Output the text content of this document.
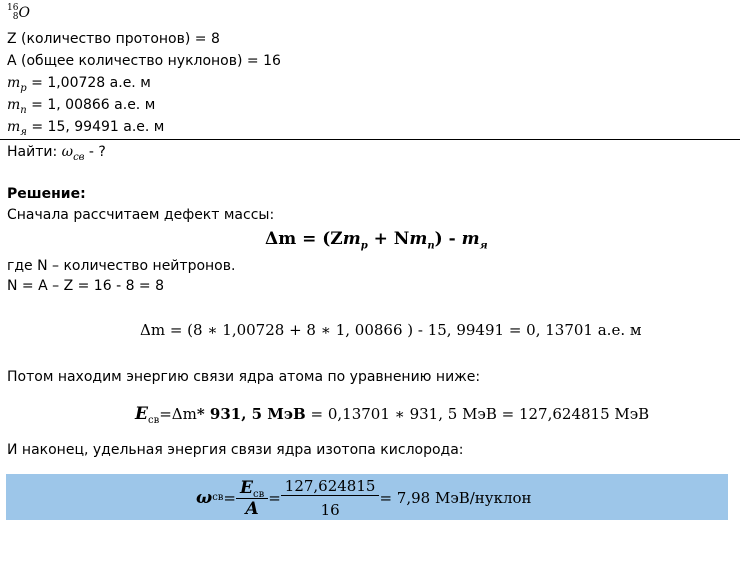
16
8O
Z (количество протонов) = 8
A (общее количество нуклонов) = 16
$m_p = 1,00728$ а.е. м
$m_n = 1$, 00866 а.е. м
$m_я = 15$, 99491 а.е. м
Найти: $\omega_{св}$ - ?
Решение:
Сначала рассчитаем дефект массы:
$\Delta m = (Zm_p + Nm_n) - m_я$
где N – количество нейтронов.
N = A – Z = 16 - 8 = 8
Δm = (8 ∗ 1,00728 + 8 ∗ 1, 00866 ) - 15, 99491 = 0, 13701 а.е. м
Потом находим энергию связи ядра атома по уравнению ниже:
$E_{св}=\Delta m*$ 931, 5 МэВ = 0,13701 ∗ 931, 5 МэВ = 127,624815 МэВ
И наконец, удельная энергия связи ядра изотопа кислорода:
ω св = $\frac{E_{св}}{A} = \frac{127,624815}{16} = 7,98$ МэВ/нуклон
